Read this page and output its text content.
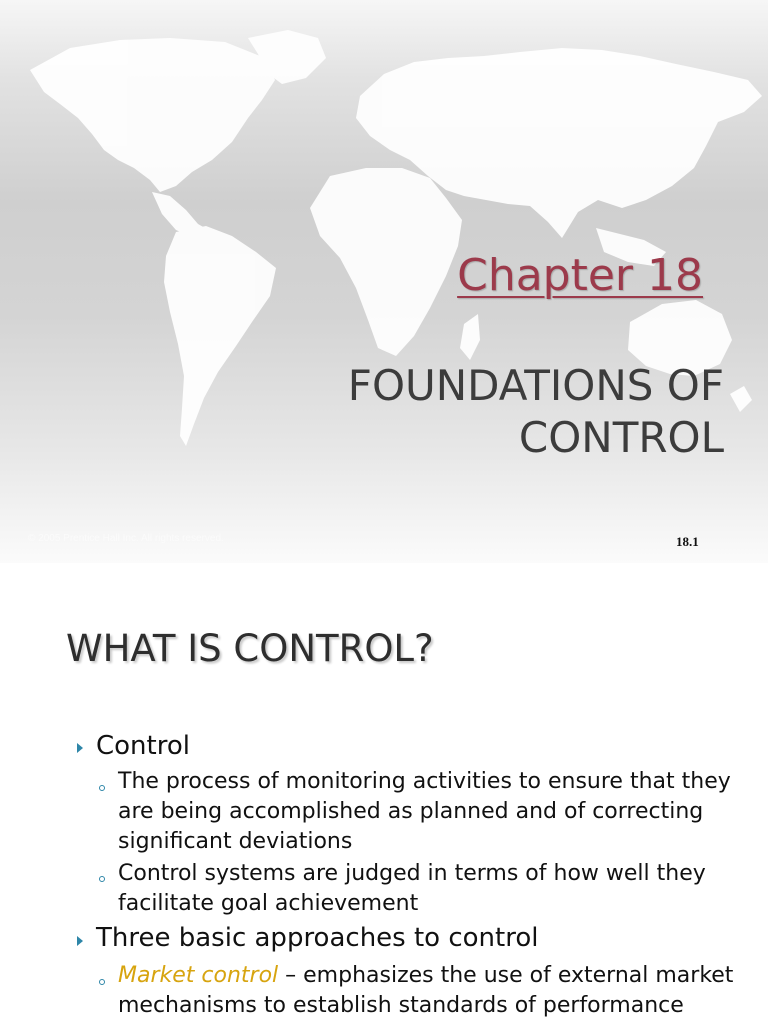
Chapter 18
FOUNDATIONS OF
CONTROL
© 2005 Prentice Hall Inc. All rights reserved.	18.1
WHAT IS CONTROL?
Control
The process of monitoring activities to ensure that they are being accomplished as planned and of correcting significant deviations
Control systems are judged in terms of how well they facilitate goal achievement
Three basic approaches to control
Market control – emphasizes the use of external market mechanisms to establish standards of performance
